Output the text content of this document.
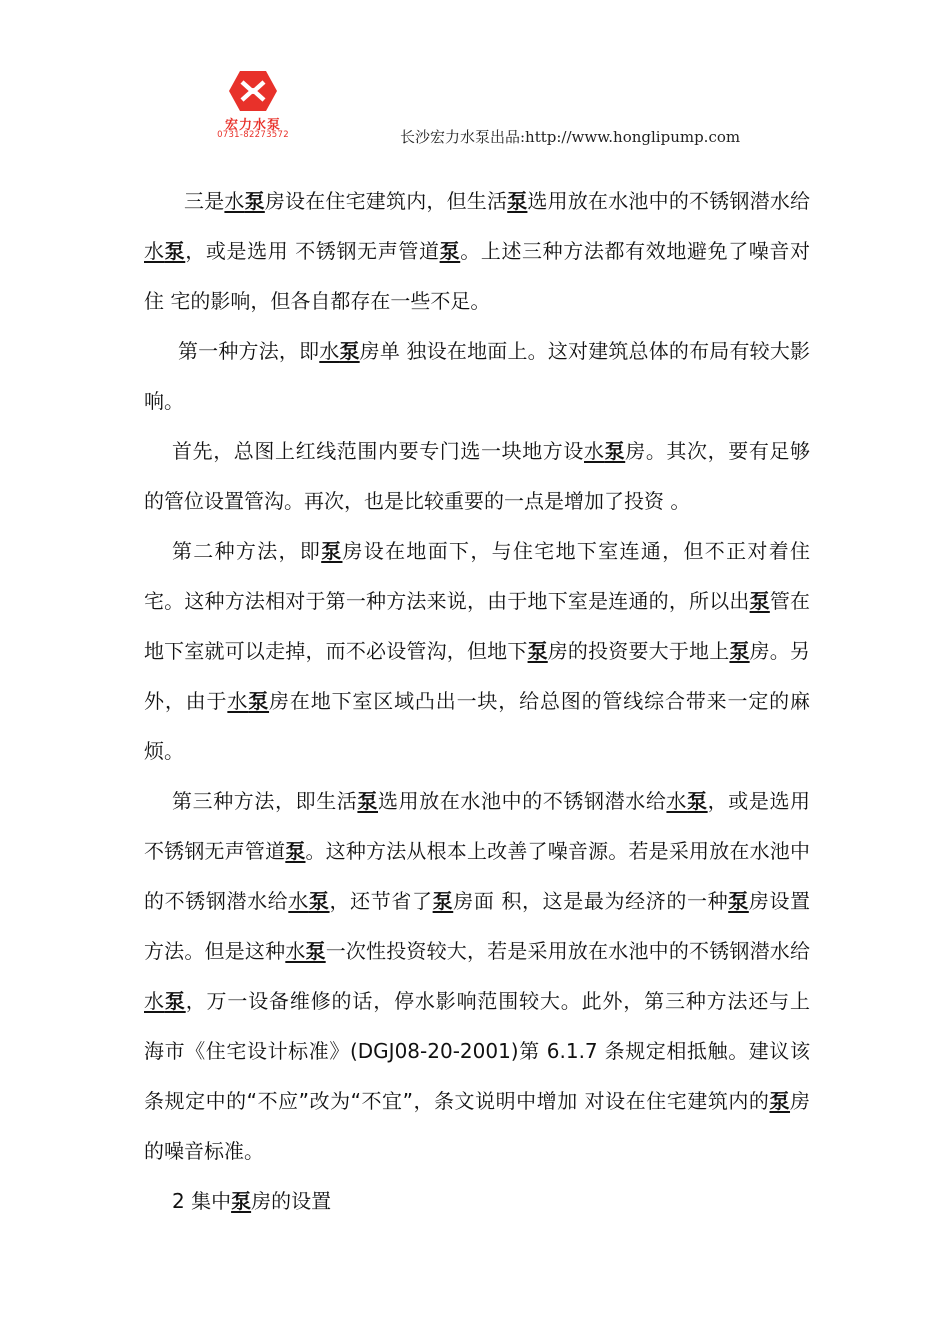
宏力水泵
0731-82273572	长沙宏力水泵出品:http://www.honglipump.com

三是水泵房设在住宅建筑内，但生活泵选用放在水池中的不锈钢潜水给水泵，或是选用 不锈钢无声管道泵。上述三种方法都有效地避免了噪音对住 宅的影响，但各自都存在一些不足。

第一种方法，即水泵房单 独设在地面上。这对建筑总体的布局有较大影响。

首先，总图上红线范围内要专门选一块地方设水泵房。其次，要有足够的管位设置管沟。再次，也是比较重要的一点是增加了投资 。

第二种方法，即泵房设在地面下，与住宅地下室连通，但不正对着住宅。这种方法相对于第一种方法来说，由于地下室是连通的，所以出泵管在地下室就可以走掉，而不必设管沟，但地下泵房的投资要大于地上泵房。另外，由于水泵房在地下室区域凸出一块，给总图的管线综合带来一定的麻烦。

第三种方法，即生活泵选用放在水池中的不锈钢潜水给水泵，或是选用不锈钢无声管道泵。这种方法从根本上改善了噪音源。若是采用放在水池中的不锈钢潜水给水泵，还节省了泵房面 积，这是最为经济的一种泵房设置方法。但是这种水泵一次性投资较大，若是采用放在水池中的不锈钢潜水给水泵，万一设备维修的话，停水影响范围较大。此外，第三种方法还与上 海市《住宅设计标准》(DGJ08-20-2001)第 6.1.7 条规定相抵触。建议该条规定中的“不应”改为“不宜”，条文说明中增加 对设在住宅建筑内的泵房的噪音标准。

2 集中泵房的设置
